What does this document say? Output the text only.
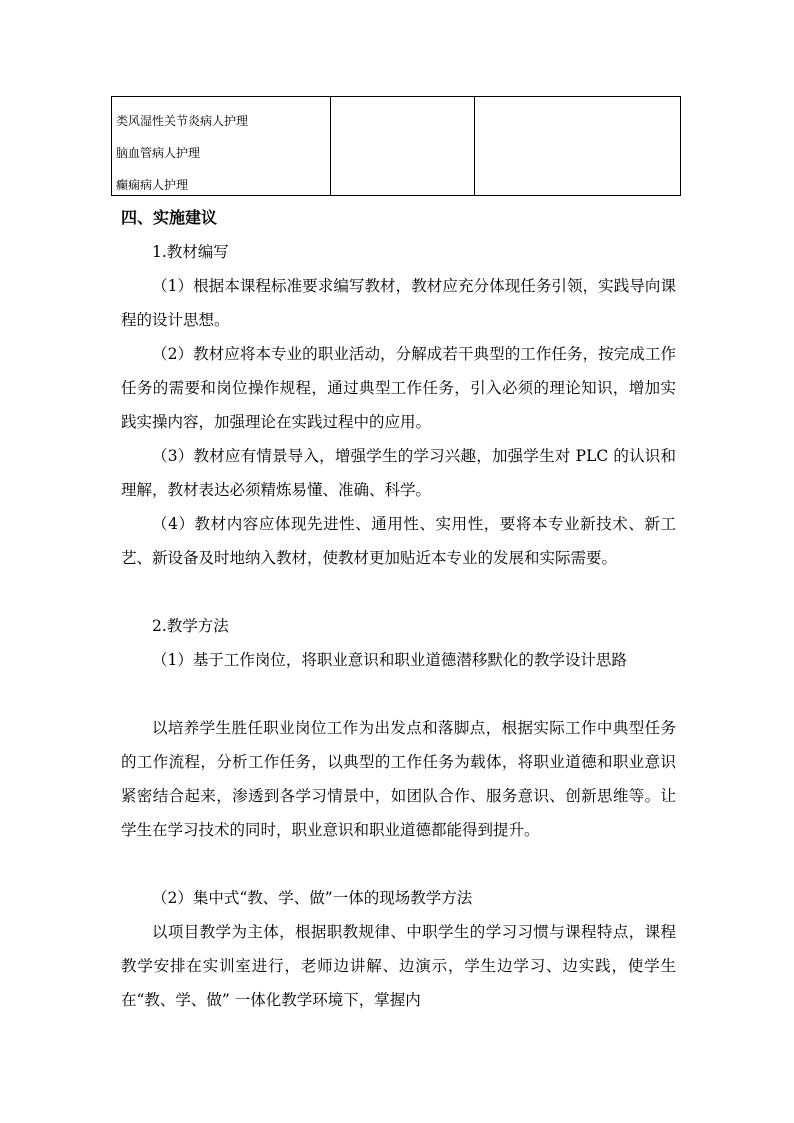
类风湿性关节炎病人护理
脑血管病人护理
癫痫病人护理
四、实施建议
1.教材编写
（1）根据本课程标准要求编写教材，教材应充分体现任务引领，实践导向课程的设计思想。
（2）教材应将本专业的职业活动，分解成若干典型的工作任务，按完成工作任务的需要和岗位操作规程，通过典型工作任务，引入必须的理论知识，增加实践实操内容，加强理论在实践过程中的应用。
（3）教材应有情景导入，增强学生的学习兴趣，加强学生对 PLC 的认识和理解，教材表达必须精炼易懂、准确、科学。
（4）教材内容应体现先进性、通用性、实用性，要将本专业新技术、新工艺、新设备及时地纳入教材，使教材更加贴近本专业的发展和实际需要。
2.教学方法
（1）基于工作岗位，将职业意识和职业道德潜移默化的教学设计思路
以培养学生胜任职业岗位工作为出发点和落脚点，根据实际工作中典型任务的工作流程，分析工作任务，以典型的工作任务为载体，将职业道德和职业意识紧密结合起来，渗透到各学习情景中，如团队合作、服务意识、创新思维等。让学生在学习技术的同时，职业意识和职业道德都能得到提升。
（2）集中式“教、学、做”一体的现场教学方法
以项目教学为主体，根据职教规律、中职学生的学习习惯与课程特点，课程教学安排在实训室进行，老师边讲解、边演示，学生边学习、边实践，使学生在“教、学、做” 一体化教学环境下，掌握内
